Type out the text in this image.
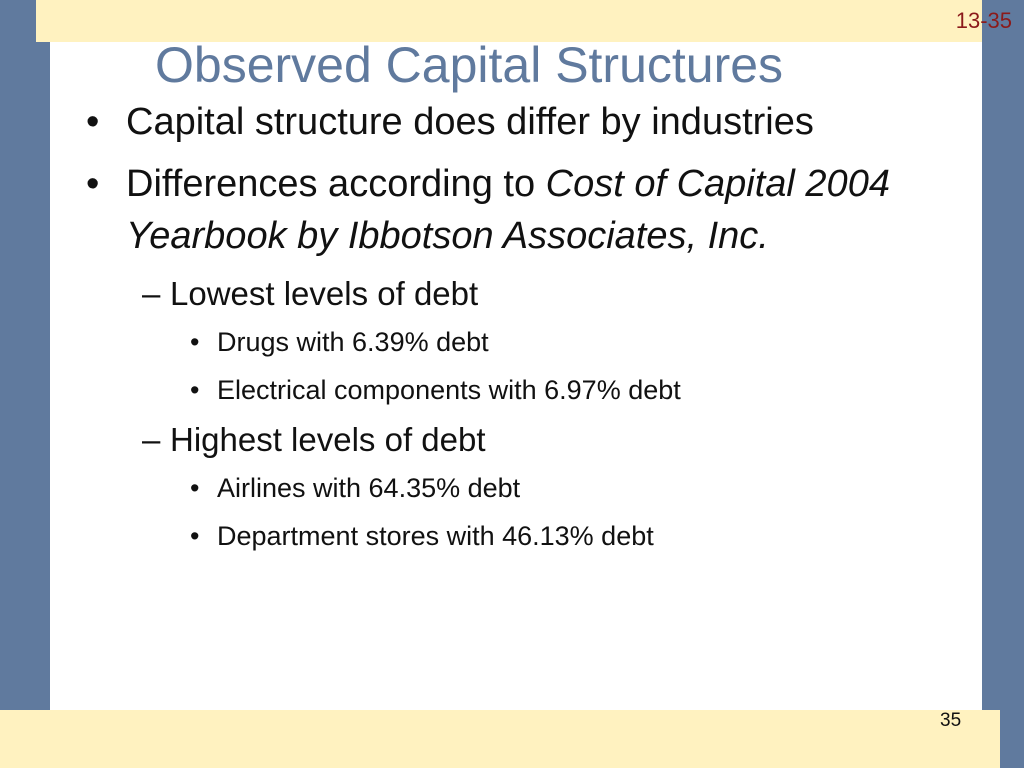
13-35
Observed Capital Structures
• Capital structure does differ by industries
• Differences according to Cost of Capital 2004 Yearbook by Ibbotson Associates, Inc.
– Lowest levels of debt
• Drugs with 6.39% debt
• Electrical components with 6.97% debt
– Highest levels of debt
• Airlines with 64.35% debt
• Department stores with 46.13% debt
35
